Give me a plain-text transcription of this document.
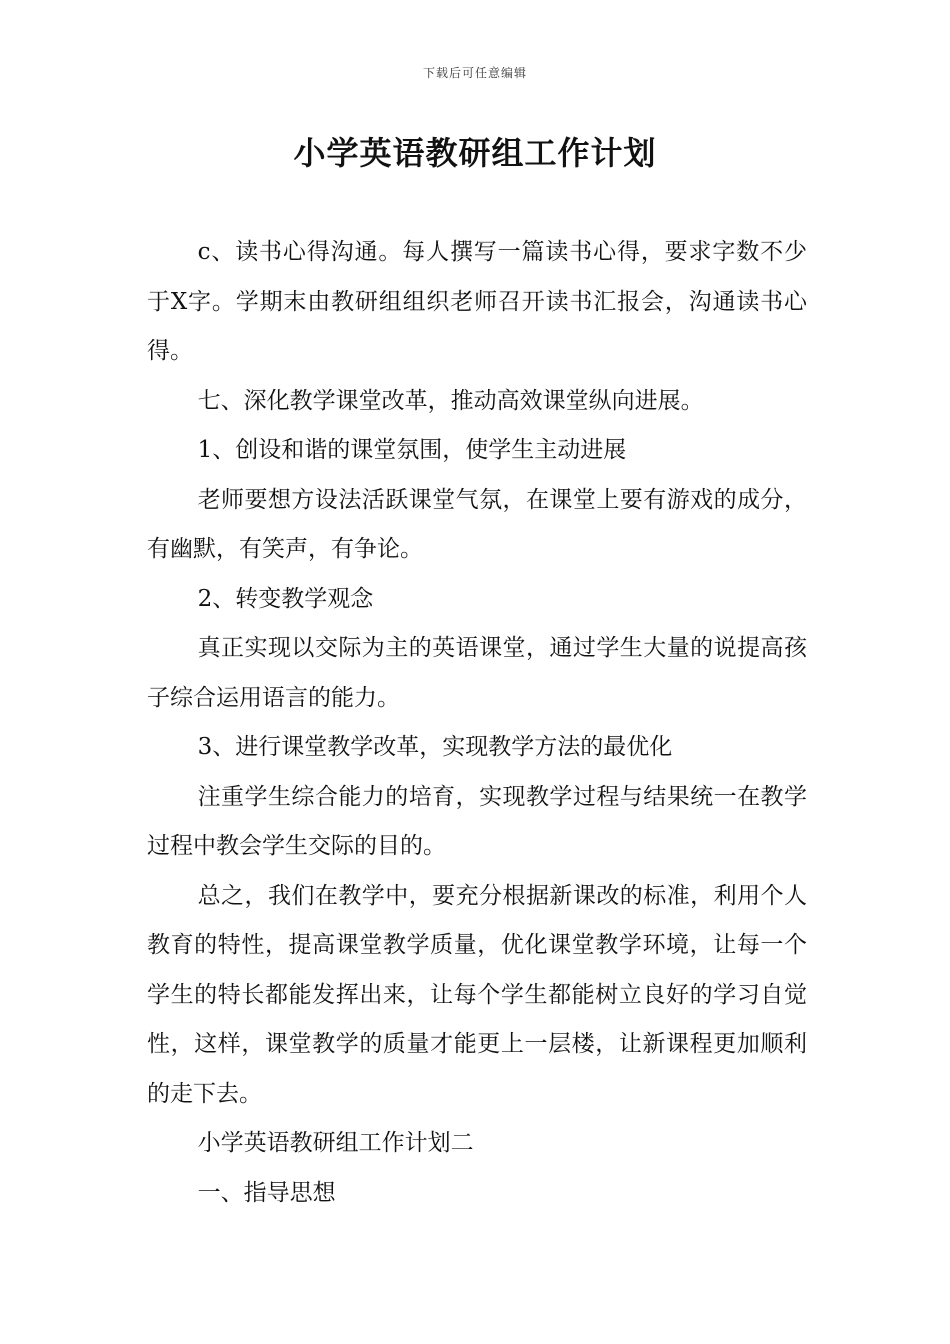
下载后可任意编辑
小学英语教研组工作计划

c、读书心得沟通。每人撰写一篇读书心得，要求字数不少于X字。学期末由教研组组织老师召开读书汇报会，沟通读书心得。

七、深化教学课堂改革，推动高效课堂纵向进展。

1、创设和谐的课堂氛围，使学生主动进展

老师要想方设法活跃课堂气氛，在课堂上要有游戏的成分，有幽默，有笑声，有争论。

2、转变教学观念

真正实现以交际为主的英语课堂，通过学生大量的说提高孩子综合运用语言的能力。

3、进行课堂教学改革，实现教学方法的最优化

注重学生综合能力的培育，实现教学过程与结果统一在教学过程中教会学生交际的目的。

总之，我们在教学中，要充分根据新课改的标准，利用个人教育的特性，提高课堂教学质量，优化课堂教学环境，让每一个学生的特长都能发挥出来，让每个学生都能树立良好的学习自觉性，这样，课堂教学的质量才能更上一层楼，让新课程更加顺利的走下去。

小学英语教研组工作计划二

一、指导思想
